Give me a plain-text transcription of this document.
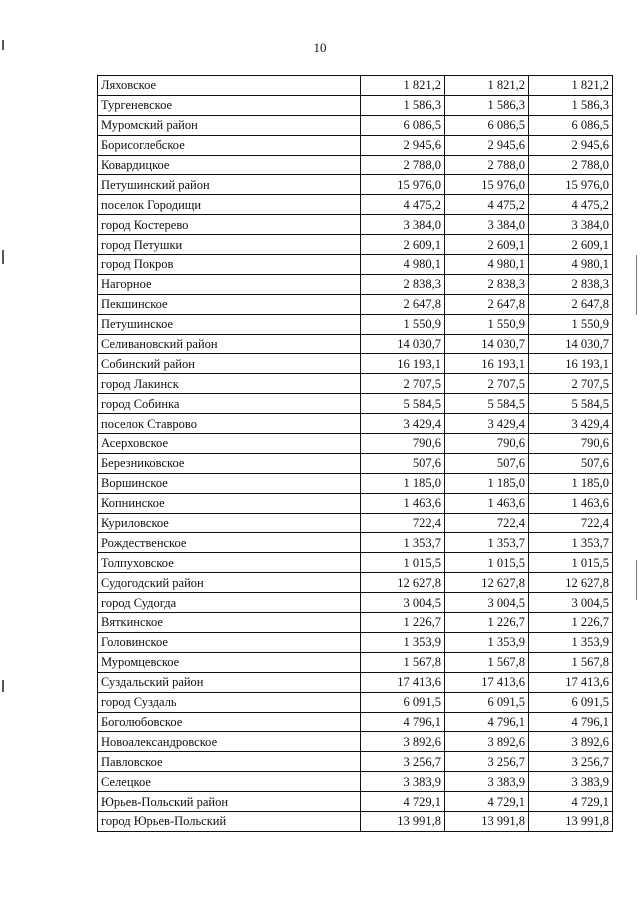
10
Ляховское	1 821,2	1 821,2	1 821,2
Тургеневское	1 586,3	1 586,3	1 586,3
Муромский район	6 086,5	6 086,5	6 086,5
Борисоглебское	2 945,6	2 945,6	2 945,6
Ковардицкое	2 788,0	2 788,0	2 788,0
Петушинский район	15 976,0	15 976,0	15 976,0
поселок Городищи	4 475,2	4 475,2	4 475,2
город Костерево	3 384,0	3 384,0	3 384,0
город Петушки	2 609,1	2 609,1	2 609,1
город Покров	4 980,1	4 980,1	4 980,1
Нагорное	2 838,3	2 838,3	2 838,3
Пекшинское	2 647,8	2 647,8	2 647,8
Петушинское	1 550,9	1 550,9	1 550,9
Селивановский район	14 030,7	14 030,7	14 030,7
Собинский район	16 193,1	16 193,1	16 193,1
город Лакинск	2 707,5	2 707,5	2 707,5
город Собинка	5 584,5	5 584,5	5 584,5
поселок Ставрово	3 429,4	3 429,4	3 429,4
Асерховское	790,6	790,6	790,6
Березниковское	507,6	507,6	507,6
Воршинское	1 185,0	1 185,0	1 185,0
Копнинское	1 463,6	1 463,6	1 463,6
Куриловское	722,4	722,4	722,4
Рождественское	1 353,7	1 353,7	1 353,7
Толпуховское	1 015,5	1 015,5	1 015,5
Судогодский район	12 627,8	12 627,8	12 627,8
город Судогда	3 004,5	3 004,5	3 004,5
Вяткинское	1 226,7	1 226,7	1 226,7
Головинское	1 353,9	1 353,9	1 353,9
Муромцевское	1 567,8	1 567,8	1 567,8
Суздальский район	17 413,6	17 413,6	17 413,6
город Суздаль	6 091,5	6 091,5	6 091,5
Боголюбовское	4 796,1	4 796,1	4 796,1
Новоалександровское	3 892,6	3 892,6	3 892,6
Павловское	3 256,7	3 256,7	3 256,7
Селецкое	3 383,9	3 383,9	3 383,9
Юрьев-Польский район	4 729,1	4 729,1	4 729,1
город Юрьев-Польский	13 991,8	13 991,8	13 991,8
